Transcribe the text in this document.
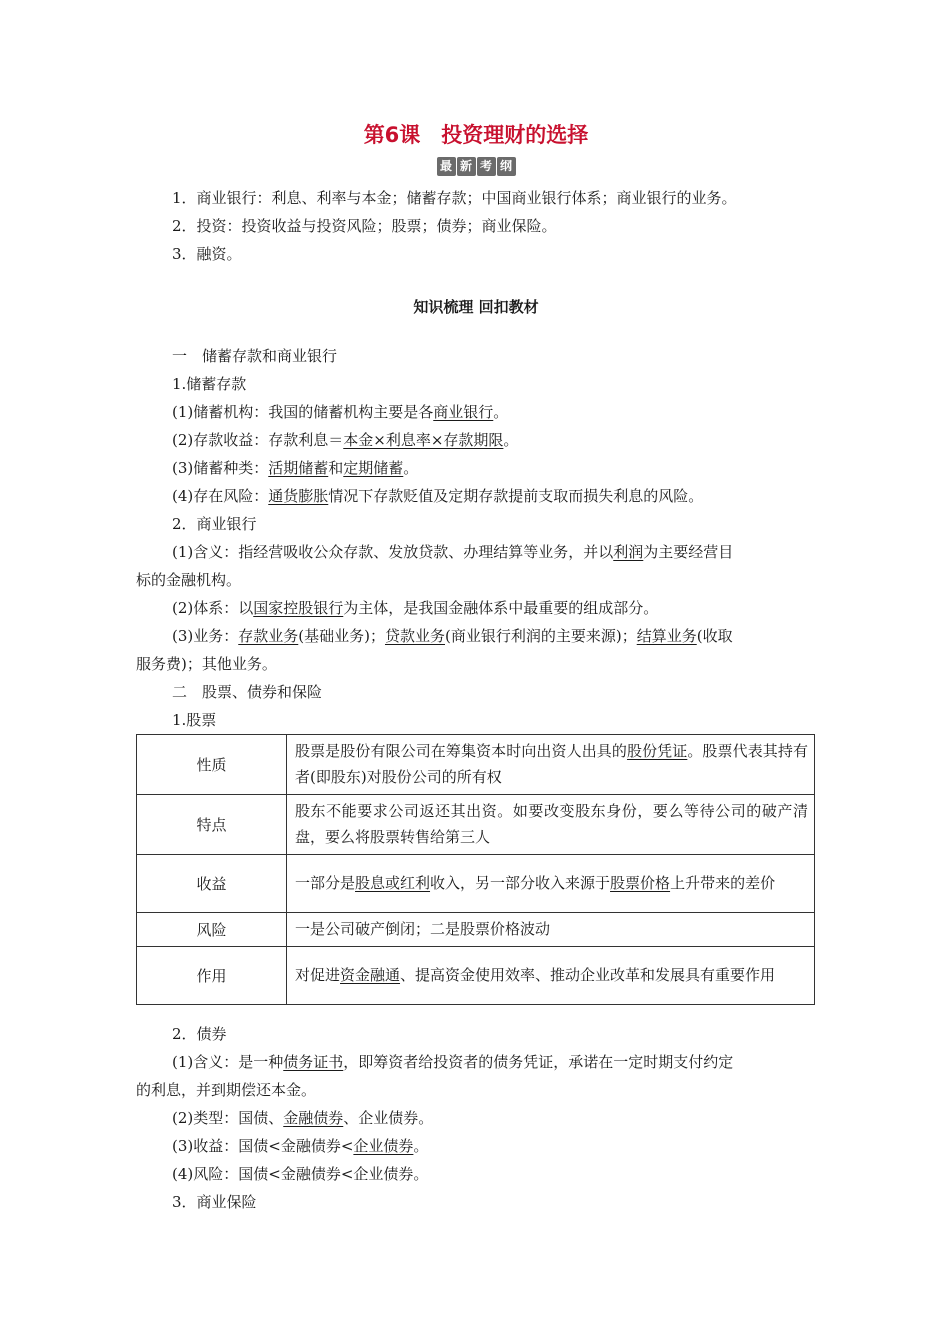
第6课　投资理财的选择
最 新 考 纲
1．商业银行：利息、利率与本金；储蓄存款；中国商业银行体系；商业银行的业务。
2．投资：投资收益与投资风险；股票；债券；商业保险。
3．融资。
知识梳理 回扣教材
一　储蓄存款和商业银行
1.储蓄存款
(1)储蓄机构：我国的储蓄机构主要是各商业银行。
(2)存款收益：存款利息＝本金×利息率×存款期限。
(3)储蓄种类：活期储蓄和定期储蓄。
(4)存在风险：通货膨胀情况下存款贬值及定期存款提前支取而损失利息的风险。
2．商业银行
(1)含义：指经营吸收公众存款、发放贷款、办理结算等业务，并以利润为主要经营目
标的金融机构。
(2)体系：以国家控股银行为主体，是我国金融体系中最重要的组成部分。
(3)业务：存款业务(基础业务)；贷款业务(商业银行利润的主要来源)；结算业务(收取
服务费)；其他业务。
二　股票、债券和保险
1.股票
性质	股票是股份有限公司在筹集资本时向出资人出具的股份凭证。股票代表其持有者(即股东)对股份公司的所有权
特点	股东不能要求公司返还其出资。如要改变股东身份，要么等待公司的破产清盘，要么将股票转售给第三人
收益	一部分是股息或红利收入，另一部分收入来源于股票价格上升带来的差价
风险	一是公司破产倒闭；二是股票价格波动
作用	对促进资金融通、提高资金使用效率、推动企业改革和发展具有重要作用
2．债券
(1)含义：是一种债务证书，即筹资者给投资者的债务凭证，承诺在一定时期支付约定
的利息，并到期偿还本金。
(2)类型：国债、金融债券、企业债券。
(3)收益：国债<金融债券<企业债券。
(4)风险：国债<金融债券<企业债券。
3．商业保险
